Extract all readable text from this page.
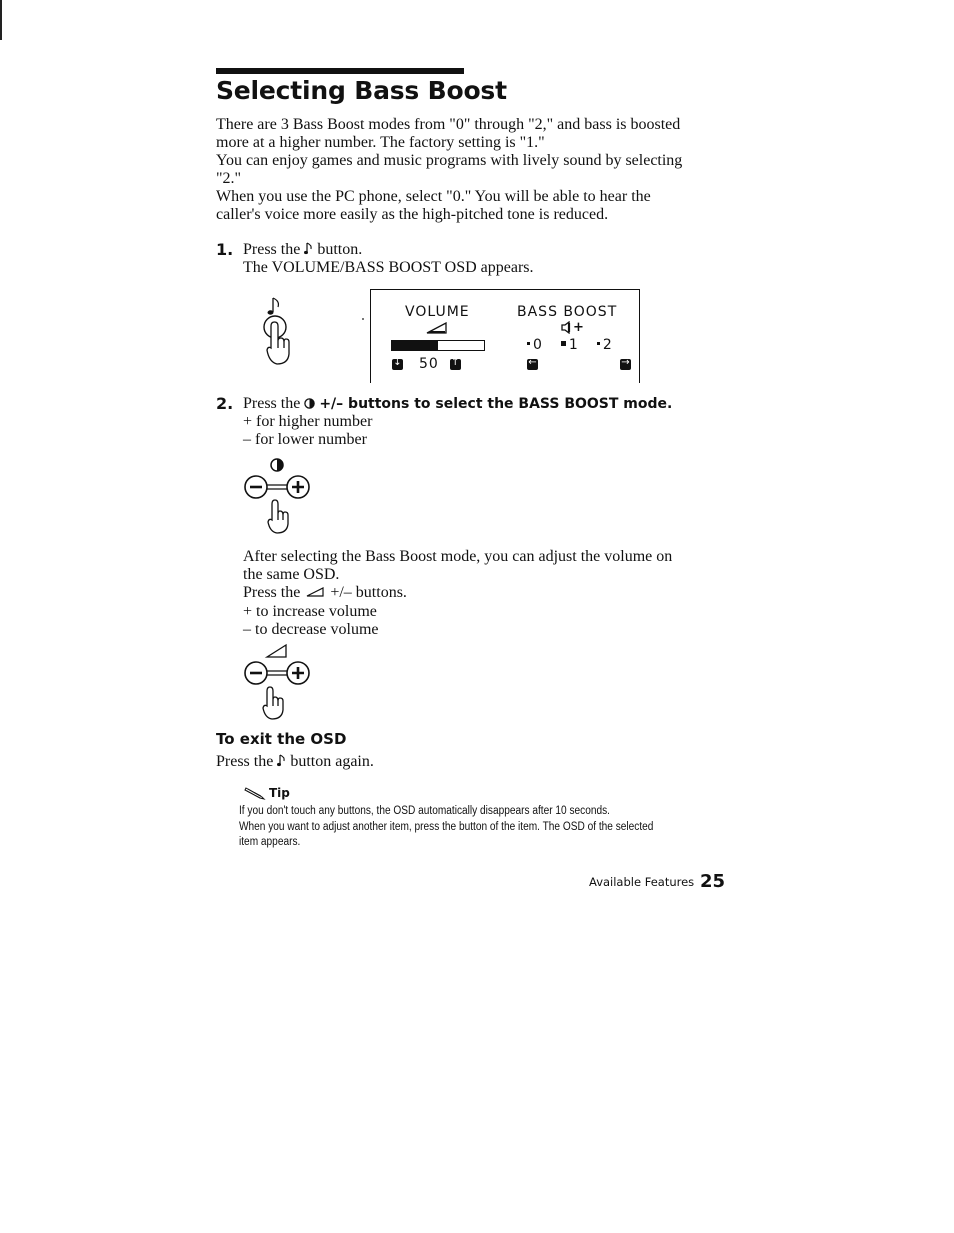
Selecting Bass Boost
There are 3 Bass Boost modes from "0" through "2," and bass is boosted
more at a higher number. The factory setting is "1."
You can enjoy games and music programs with lively sound by selecting
"2."
When you use the PC phone, select "0." You will be able to hear the
caller's voice more easily as the high-pitched tone is reduced.
1. Press the button.
The VOLUME/BASS BOOST OSD appears.
VOLUME	BASS BOOST
↓ 50 ↑
+
0	1	2
←
	→
2. Press the +/– buttons to select the BASS BOOST mode.
+ for higher number
– for lower number
After selecting the Bass Boost mode, you can adjust the volume on
the same OSD.
Press the +/– buttons.
+ to increase volume
– to decrease volume
To exit the OSD
Press the button again.
Tip
If you don't touch any buttons, the OSD automatically disappears after 10 seconds.
When you want to adjust another item, press the button of the item. The OSD of the selected
item appears.
Available Features 25
